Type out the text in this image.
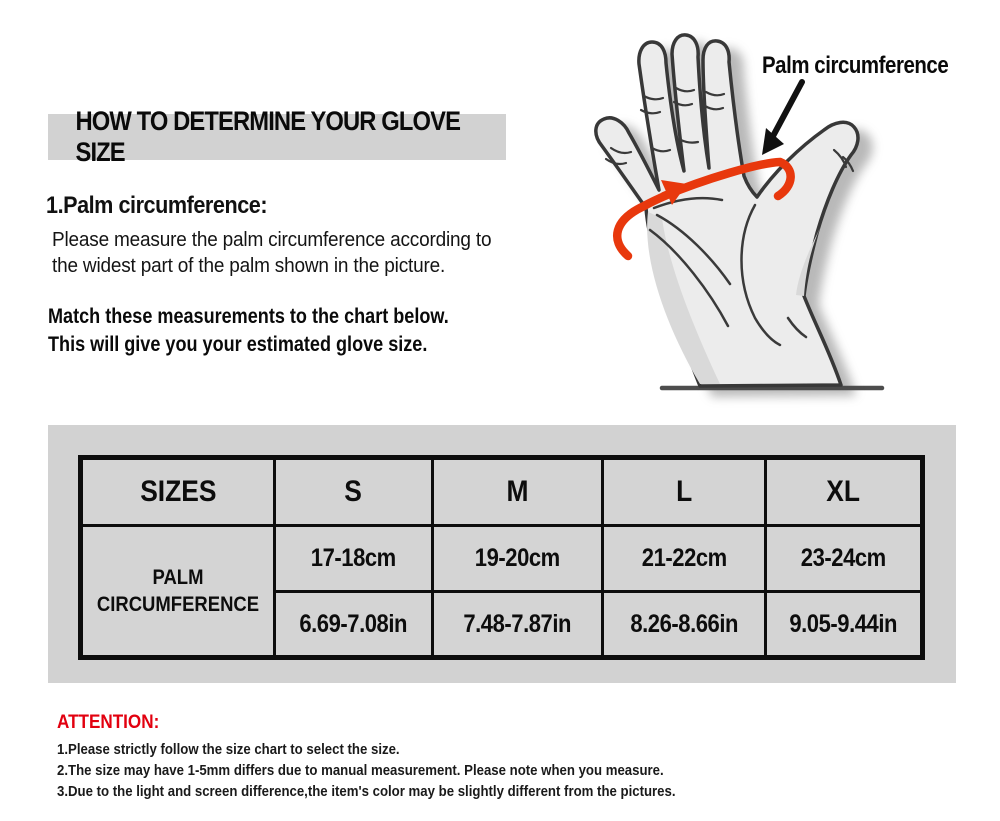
HOW TO DETERMINE YOUR GLOVE SIZE
1.Palm circumference:
Please measure the palm circumference according to
the widest part of the palm shown in the picture.
Match these measurements to the chart below.
This will give you your estimated glove size.
Palm circumference
SIZES	S	M	L	XL
PALM CIRCUMFERENCE	17-18cm	19-20cm	21-22cm	23-24cm
	6.69-7.08in	7.48-7.87in	8.26-8.66in	9.05-9.44in
ATTENTION:
1.Please strictly follow the size chart to select the size.
2.The size may have 1-5mm differs due to manual measurement. Please note when you measure.
3.Due to the light and screen difference,the item's color may be slightly different from the pictures.
